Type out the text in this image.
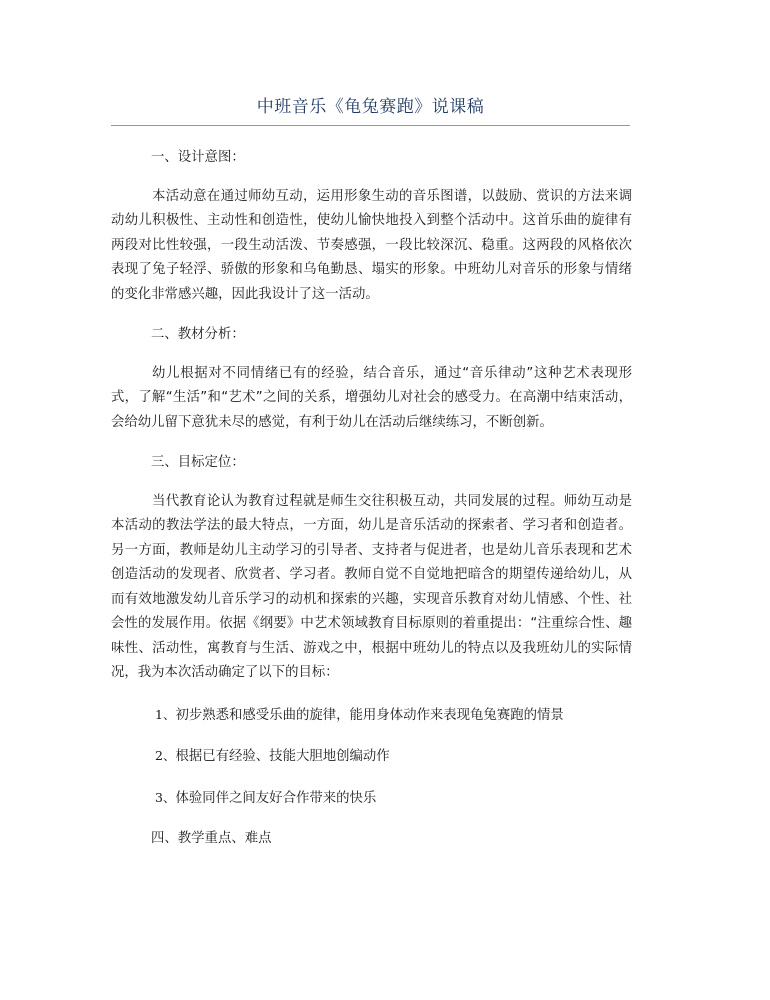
中班音乐《龟兔赛跑》说课稿

一、设计意图：

本活动意在通过师幼互动，运用形象生动的音乐图谱，以鼓励、赏识的方法来调动幼儿积极性、主动性和创造性，使幼儿愉快地投入到整个活动中。这首乐曲的旋律有两段对比性较强，一段生动活泼、节奏感强，一段比较深沉、稳重。这两段的风格依次表现了兔子轻浮、骄傲的形象和乌龟勤恳、塌实的形象。中班幼儿对音乐的形象与情绪的变化非常感兴趣，因此我设计了这一活动。

二、教材分析：

幼儿根据对不同情绪已有的经验，结合音乐，通过“音乐律动”这种艺术表现形式，了解“生活”和“艺术”之间的关系，增强幼儿对社会的感受力。在高潮中结束活动，会给幼儿留下意犹未尽的感觉，有利于幼儿在活动后继续练习，不断创新。

三、目标定位：

当代教育论认为教育过程就是师生交往积极互动，共同发展的过程。师幼互动是本活动的教法学法的最大特点，一方面，幼儿是音乐活动的探索者、学习者和创造者。另一方面，教师是幼儿主动学习的引导者、支持者与促进者，也是幼儿音乐表现和艺术创造活动的发现者、欣赏者、学习者。教师自觉不自觉地把暗含的期望传递给幼儿，从而有效地激发幼儿音乐学习的动机和探索的兴趣，实现音乐教育对幼儿情感、个性、社会性的发展作用。依据《纲要》中艺术领域教育目标原则的着重提出：“注重综合性、趣味性、活动性，寓教育与生活、游戏之中，根据中班幼儿的特点以及我班幼儿的实际情况，我为本次活动确定了以下的目标：

1、初步熟悉和感受乐曲的旋律，能用身体动作来表现龟兔赛跑的情景

2、根据已有经验、技能大胆地创编动作

3、体验同伴之间友好合作带来的快乐

四、教学重点、难点
